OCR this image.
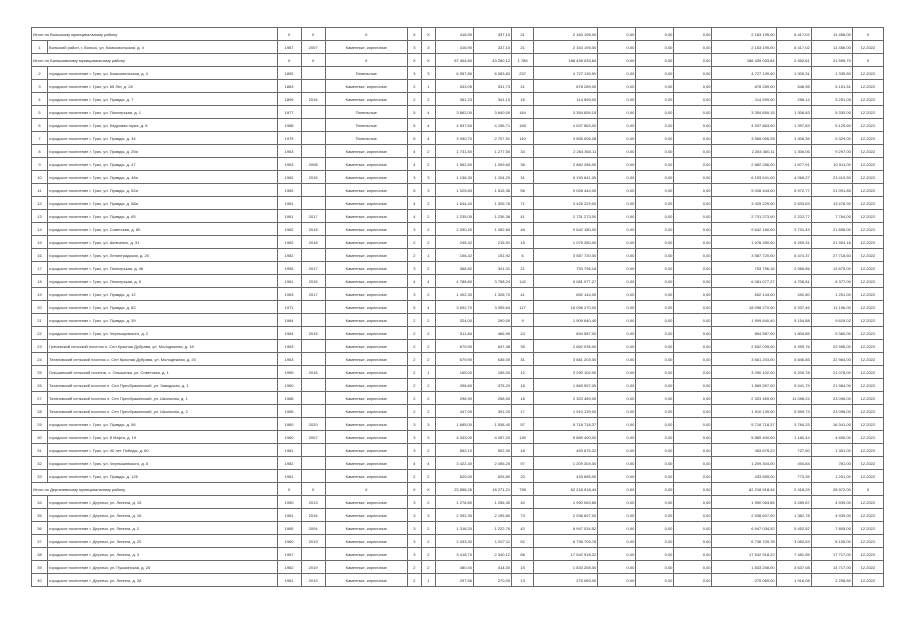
Итого по Вольскому муниципальному району		X	X	X	X	X	416,90	337,10	21	2 163 195,00	0,00	0,00	0,00	2 163 195,00	6 417,02	11 456,00	X
1	Вольский район, г. Вольск, ул. Комсомольская, д. 4	1967	2007	Каменные, кирпичные	3	3	416,90	337,10	21	2 163 195,00	0,00	0,00	0,00	2 163 195,00	6 417,02	11 456,00	12.2022
Итого по Балашовскому муниципальному району		X	X	X	X	X	57 404,60	43 260,12	1 785	186 439 033,84	0,00	0,00	0,00	186 439 033,84	2 452,61	21 595,70	X
2	городское поселение г. Грач, ул. Комсомольская, д. 4	1892		Панельные	3	3	6 957,80	6 083,83	237	4 727 139,90	0,00	0,00	0,00	4 727 139,90	1 305,31	1 335,50	12.2022
3	городское поселение г. Грач, ул. 65 Лет, д. 28	1883		Каменные, кирпичные	2	1	533,05	531,73	21	878 289,00	0,00	0,00	0,00	878 289,00	646,98	5 151,51	12.2022
4	городское поселение г. Грач, ул. Правды, д. 7	1899	2016	Каменные, кирпичные	2	2	361,23	341,10	16	114 599,00	0,00	0,00	0,00	114 599,00	298,14	5 251,05	12.2022
5	городское поселение г. Грач, ул. Пионерская, д. 1	1977		Панельные	5	4	3 862,00	3 640,00	164	3 354 659,15	0,00	0,00	0,00	3 354 659,15	1 306,83	5 330,00	12.2022
6	городское поселение г. Грач, ул. Кедровая горка, д. 8	1986		Панельные	5	4	4 537,60	4 196,71	165	4 537 863,00	0,00	0,00	0,00	4 537 863,00	1 397,83	5 129,60	12.2022
7	городское поселение г. Грач, ул. Правды, д. 34	1979		Панельные	5	4	3 090,70	2 707,91	110	3 565 006,28	0,00	0,00	0,00	3 565 006,28	1 306,35	5 329,00	12.2022
8	городское поселение г. Грач, ул. Правды, д. 29а	1963		Каменные, кирпичные	4	2	1 731,50	1 277,50	34	2 264 360,11	0,00	0,00	0,00	2 264 360,11	1 306,06	9 297,00	12.2022
9	городское поселение г. Грач, ул. Правды, д. 47	1963	2008	Каменные, кирпичные	4	2	1 562,60	1 009,60	36	2 882 286,00	0,00	0,00	0,00	2 882 286,00	1 877,91	10 511,00	12.2022
10	городское поселение г. Грач, ул. Правды, д. 48а	1962	2015	Каменные, кирпичные	3	3	1 136,30	1 104,20	31	6 193 641,00	0,00	0,00	0,00	6 193 641,00	4 066,27	23 410,50	12.2022
11	городское поселение г. Грач, ул. Правды, д. 52а	1982		Каменные, кирпичные	5	3	1 025,83	1 515,36	56	9 028 444,00	0,00	0,00	0,00	9 028 444,00	5 972,77	21 091,85	12.2022
12	городское поселение г. Грач, ул. Правды, д. 58а	1961		Каменные, кирпичные	4	2	1 644,40	1 326,76	71	3 425 229,00	0,00	0,00	0,00	3 425 229,00	2 633,63	13 478,92	12.2022
13	городское поселение г. Грач, ул. Правды, д. 65	1961	2017	Каменные, кирпичные	4	2	1 235,05	1 236,36	41	2 731 273,00	0,00	0,00	0,00	2 731 273,00	2 222,77	7 764,00	12.2022
14	городское поселение г. Грач, ул. Советская, д. 80	1962	2018	Каменные, кирпичные	3	2	2 090,40	1 452,60	48	9 642 180,00	0,00	0,00	0,00	9 642 180,00	3 731,49	21 898,00	12.2022
15	городское поселение г. Грач, ул. Шевченко, д. 31	1962	2018	Каменные, кирпичные	2	2	245,42	215,91	15	1 076 280,00	0,00	0,00	0,00	1 076 280,00	6 299,31	21 904,16	12.2022
16	городское поселение г. Грач, ул. Ленинградская, д. 20	1982		Каменные, кирпичные	2	1	156,42	151,92	6	3 587 720,00	0,00	0,00	0,00	3 587 720,00	6 474,37	27 718,60	12.2022
17	городское поселение г. Грач, ул. Пионерская, д. 46	1955	2017	Каменные, кирпичные	3	2	368,82	341,01	21	753 796,16	0,00	0,00	0,00	753 796,16	2 066,66	13 875,00	12.2022
18	городское поселение г. Грач, ул. Пионерская, д. 5	1961	2015	Каменные, кирпичные	4	4	4 786,80	3 758,24	142	6 081 077,27	0,00	0,00	0,00	6 081 077,27	4 708,81	6 377,00	12.2022
19	городское поселение г. Грач, ул. Правды, д. 12	1963	2017	Каменные, кирпичные	3	2	1 402,30	1 328,70	41	652 144,00	0,00	0,00	0,00	652 144,00	492,80	1 251,00	12.2022
20	городское поселение г. Грач, ул. Правды, д. 82	1971		Каменные, кирпичные	5	4	3 592,70	3 395,64	117	18 098 270,00	0,00	0,00	0,00	18 098 270,00	5 337,46	11 196,00	12.2022
21	городское поселение г. Грач, ул. Правды, д. 39	1964		Каменные, кирпичные	2	2	324,00	290,00	9	1 909 640,40	0,00	0,00	0,00	1 909 640,40	5 154,88	9 629,02	12.2022
22	городское поселение г. Грач, ул. Черныщевского, д. 2	1964	2015	Каменные, кирпичные	2	2	511,84	466,96	24	894 587,00	0,00	0,00	0,00	894 587,00	1 804,85	5 360,00	12.2022
23	Грачевский сельский поселок п. Сел Красная Дубрава, ул. Молодежная, д. 18	1963		Каменные, кирпичные	2	2	679,90	637,48	35	2 652 035,00	0,00	0,00	0,00	2 652 035,00	5 399,76	22 996,00	12.2022
24	Татановский сельский поселок с. Сел Красная Дубрава, ул. Молодежная, д. 20	1963		Каменные, кирпичные	2	2	679,90	636,00	31	3 661 203,00	0,00	0,00	0,00	3 661 203,00	5 846,85	22 984,00	12.2022
25	Ольшанский сельский поселок, с. Ольшанка, ул. Советская, д. 1	1959	2016	Каменные, кирпичные	2	1	165,00	155,00	12	3 290 102,00	0,00	0,00	0,00	3 290 102,00	5 209,78	21 078,00	12.2022
26	Татановский сельский поселок п. Сел Преображенский, ул. Заводская, д. 1	1960		Каменные, кирпичные	2	2	396,80	375,20	18	1 869 597,00	0,00	0,00	0,00	1 869 597,00	5 041,79	21 984,00	12.2022
27	Татановский сельский поселок п. Сел Преображенский, ул. Школьная, д. 1	1968		Каменные, кирпичные	2	2	296,90	258,50	18	2 323 469,00	0,00	0,00	0,00	2 323 469,00	11 098,24	23 096,00	12.2022
28	Татановский сельский поселок п. Сел Преображенский, ул. Школьная, д. 2	1965		Каменные, кирпичные	2	2	447,09	391,20	17	1 910 139,00	0,00	0,00	0,00	1 910 139,00	5 599,73	23 098,00	12.2022
29	городское поселение г. Грач, ул. Правды, д. 56	1960	2020	Каменные, кирпичные	3	3	1 685,00	1 538,40	57	5 718 718,37	0,00	0,00	0,00	5 718 718,37	3 784,25	16 341,00	12.2022
30	городское поселение г. Грач, ул. 8 Марта, д. 19	1960	2007	Каменные, кирпичные	3	3	4 343,00	4 287,20	130	5 889 400,00	0,00	0,00	0,00	5 889 400,00	1 180,44	4 690,00	12.2022
31	городское поселение г. Грач, ул. 40 лет Победы, д. 60	1961		Каменные, кирпичные	3	2	552,10	502,30	18	453 675,22	0,00	0,00	0,00	453 675,22	727,50	1 351,00	12.2022
32	городское поселение г. Грач, ул. Чернышевского, д. 5	1982		Каменные, кирпичные	4	4	3 422,40	2 495,20	97	1 209 304,00	0,00	0,00	0,00	1 209 304,00	404,84	781,00	12.2022
33	городское поселение г. Грач, ул. Правды, д. 126	1961		Каменные, кирпичные	2	2	629,00	626,80	20	433 685,00	0,00	0,00	0,00	433 685,00	773,35	1 251,00	12.2022
Итого по Дергачевскому муниципальному району		X	X	X	X	X	23 856,26	18 271,21	799	62 218 918,44	0,00	0,00	0,00	62 218 918,44	2 418,29	28 972,00	X
34	городское поселение г. Дергачи, ул. Ленина, д. 15	1950	2013	Каменные, кирпичные	3	2	1 278,80	1 256,30	40	1 990 063,85	0,00	0,00	0,00	1 990 063,85	3 289,87	4 939,00	12.2022
35	городское поселение г. Дергачи, ул. Ленина, д. 16	1961	2016	Каменные, кирпичные	3	3	2 392,30	2 195,80	73	2 938 607,00	0,00	0,00	0,00	2 938 607,00	1 382,78	4 939,00	12.2022
36	городское поселение г. Дергачи, ул. Ленина, д. 2	1965	2004	Каменные, кирпичные	3	2	1 318,20	1 222,76	42	6 947 034,52	0,00	0,00	0,00	6 947 034,52	5 452,52	7 805,00	12.2022
37	городское поселение г. Дергачи, ул. Ленина, д. 20	1960	2019	Каменные, кирпичные	3	2	2 433,30	1 927,11	52	6 736 709,78	0,00	0,00	0,00	6 736 709,78	3 082,63	8 105,00	12.2022
38	городское поселение г. Дергачи, ул. Ленина, д. 3	1967		Каменные, кирпичные	3	2	3 418,70	2 340,12	86	17 542 918,22	0,00	0,00	0,00	17 542 918,22	7 481,55	17 717,00	12.2022
39	городское поселение г. Дергачи, ул. Пушкинская, д. 26	1962	2019	Каменные, кирпичные	2	2	480,40	414,00	15	1 833 258,00	0,00	0,00	0,00	1 833 258,00	3 637,08	14 717,00	12.2022
40	городское поселение г. Дергачи, ул. Ленина, д. 28	1961	2019	Каменные, кирпичные	2	1	297,56	270,00	13	275 069,00	0,00	0,00	0,00	275 069,00	1 916,08	2 298,80	12.2022
